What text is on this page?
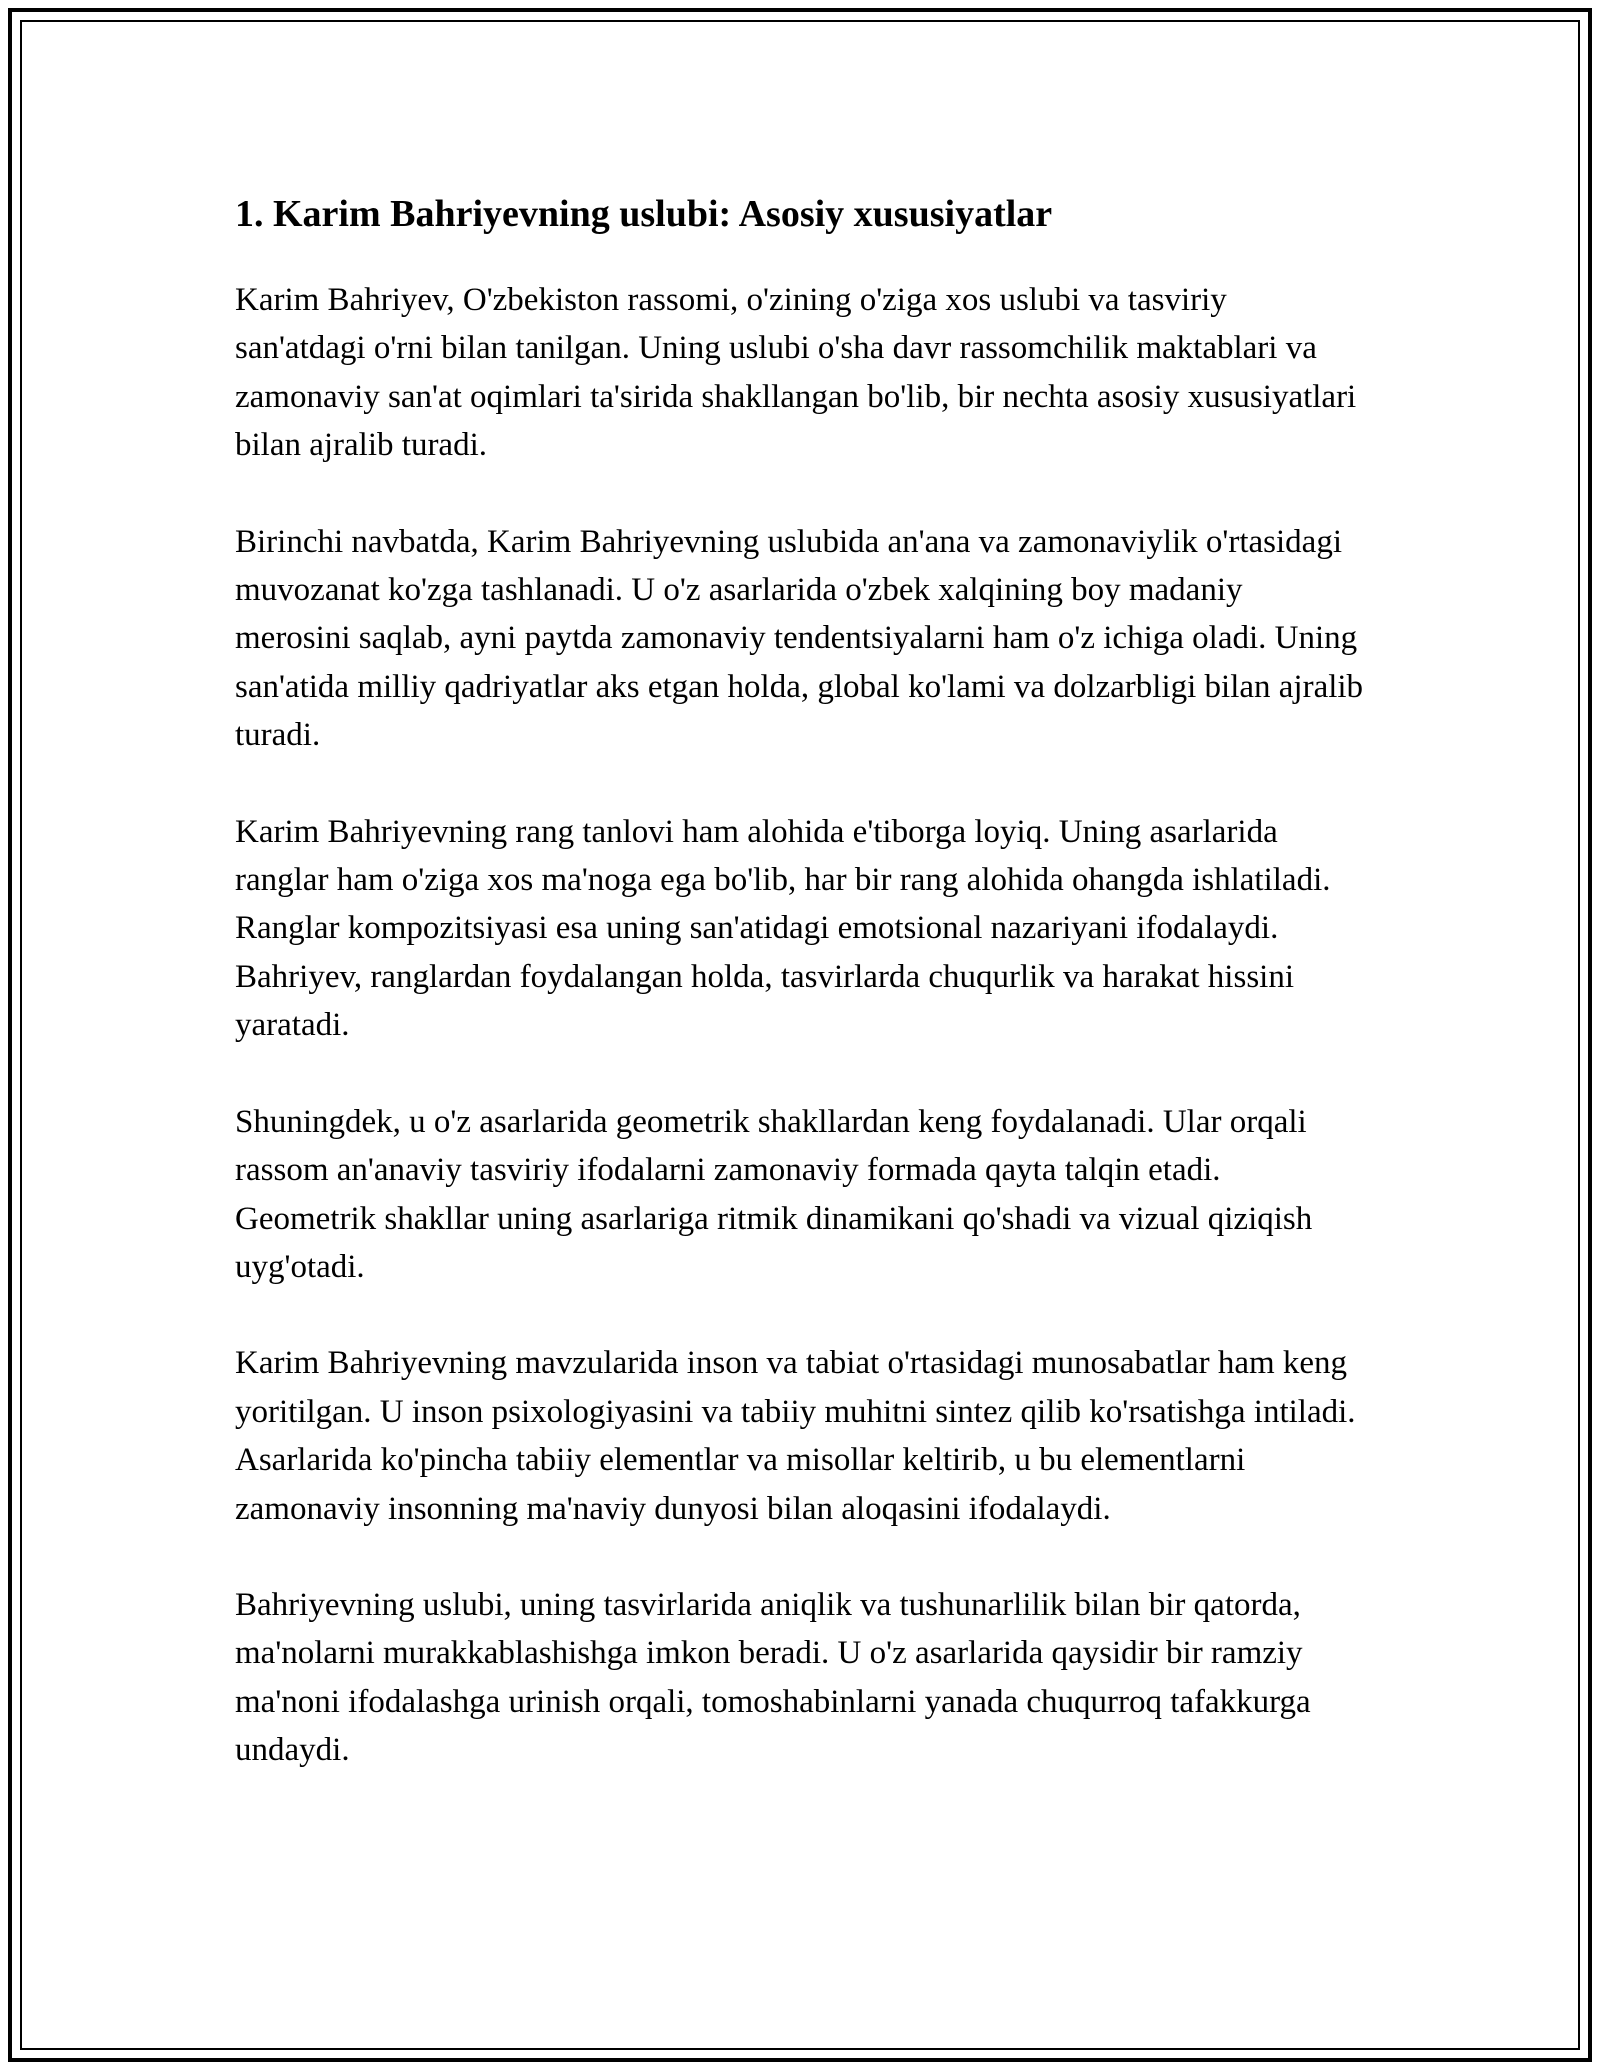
1. Karim Bahriyevning uslubi: Asosiy xususiyatlar

Karim Bahriyev, O'zbekiston rassomi, o'zining o'ziga xos uslubi va tasviriy san'atdagi o'rni bilan tanilgan. Uning uslubi o'sha davr rassomchilik maktablari va zamonaviy san'at oqimlari ta'sirida shakllangan bo'lib, bir nechta asosiy xususiyatlari bilan ajralib turadi.

Birinchi navbatda, Karim Bahriyevning uslubida an'ana va zamonaviylik o'rtasidagi muvozanat ko'zga tashlanadi. U o'z asarlarida o'zbek xalqining boy madaniy merosini saqlab, ayni paytda zamonaviy tendentsiyalarni ham o'z ichiga oladi. Uning san'atida milliy qadriyatlar aks etgan holda, global ko'lami va dolzarbligi bilan ajralib turadi.

Karim Bahriyevning rang tanlovi ham alohida e'tiborga loyiq. Uning asarlarida ranglar ham o'ziga xos ma'noga ega bo'lib, har bir rang alohida ohangda ishlatiladi. Ranglar kompozitsiyasi esa uning san'atidagi emotsional nazariyani ifodalaydi. Bahriyev, ranglardan foydalangan holda, tasvirlarda chuqurlik va harakat hissini yaratadi.

Shuningdek, u o'z asarlarida geometrik shakllardan keng foydalanadi. Ular orqali rassom an'anaviy tasviriy ifodalarni zamonaviy formada qayta talqin etadi. Geometrik shakllar uning asarlariga ritmik dinamikani qo'shadi va vizual qiziqish uyg'otadi.

Karim Bahriyevning mavzularida inson va tabiat o'rtasidagi munosabatlar ham keng yoritilgan. U inson psixologiyasini va tabiiy muhitni sintez qilib ko'rsatishga intiladi. Asarlarida ko'pincha tabiiy elementlar va misollar keltirib, u bu elementlarni zamonaviy insonning ma'naviy dunyosi bilan aloqasini ifodalaydi.

Bahriyevning uslubi, uning tasvirlarida aniqlik va tushunarlilik bilan bir qatorda, ma'nolarni murakkablashishga imkon beradi. U o'z asarlarida qaysidir bir ramziy ma'noni ifodalashga urinish orqali, tomoshabinlarni yanada chuqurroq tafakkurga undaydi.
